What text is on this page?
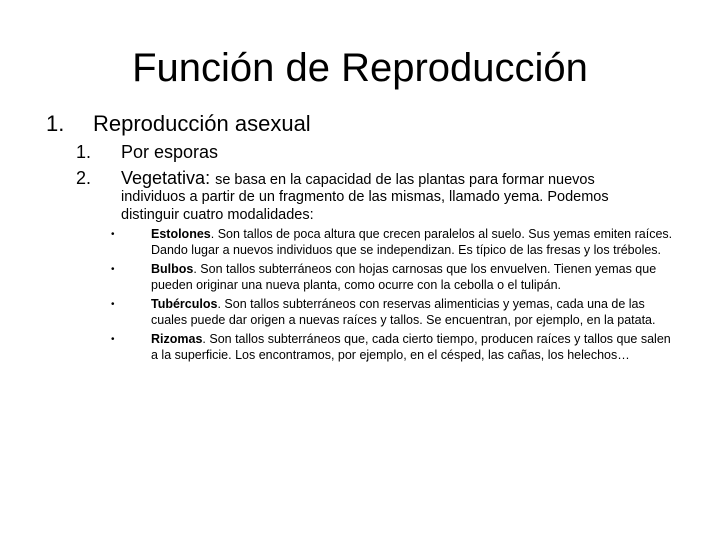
Función de Reproducción
1. Reproducción asexual
1. Por esporas
2. Vegetativa: se basa en la capacidad de las plantas para formar nuevos
individuos a partir de un fragmento de las mismas, llamado yema. Podemos distinguir cuatro modalidades:
•	Estolones. Son tallos de poca altura que crecen paralelos al suelo. Sus yemas emiten raíces. Dando lugar a nuevos individuos que se independizan. Es típico de las fresas y los tréboles.
•	Bulbos. Son tallos subterráneos con hojas carnosas que los envuelven. Tienen yemas que pueden originar una nueva planta, como ocurre con la cebolla o el tulipán.
•	Tubérculos. Son tallos subterráneos con reservas alimenticias y yemas, cada una de las cuales puede dar origen a nuevas raíces y tallos. Se encuentran, por ejemplo, en la patata.
•	Rizomas. Son tallos subterráneos que, cada cierto tiempo, producen raíces y tallos que salen a la superficie. Los encontramos, por ejemplo, en el césped, las cañas, los helechos…
